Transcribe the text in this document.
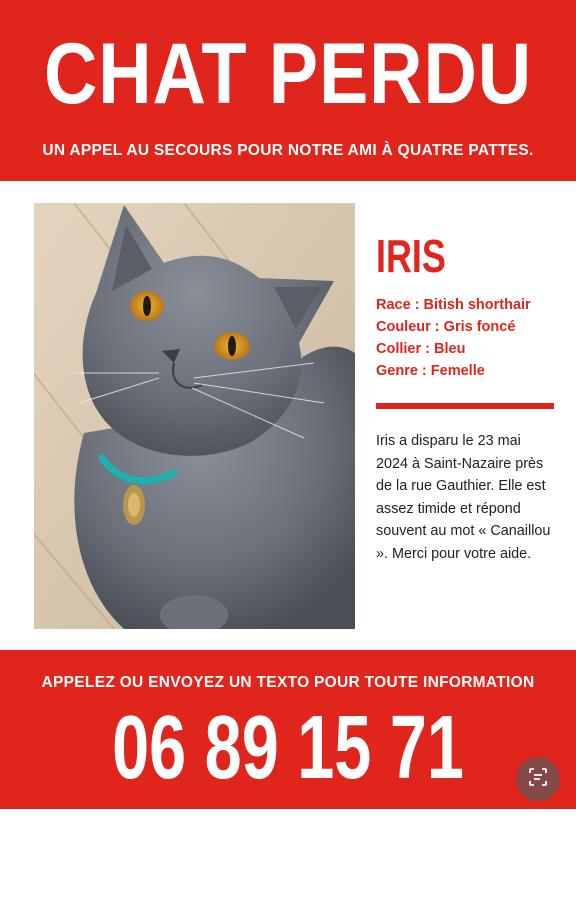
CHAT PERDU
UN APPEL AU SECOURS POUR NOTRE AMI À QUATRE PATTES.
IRIS
Race : Bitish shorthair
Couleur : Gris foncé
Collier : Bleu
Genre : Femelle
Iris a disparu le 23 mai 2024 à Saint-Nazaire près de la rue Gauthier. Elle est assez timide et répond souvent au mot « Canaillou ». Merci pour votre aide.
APPELEZ OU ENVOYEZ UN TEXTO POUR TOUTE INFORMATION
06 89 15 71 03
